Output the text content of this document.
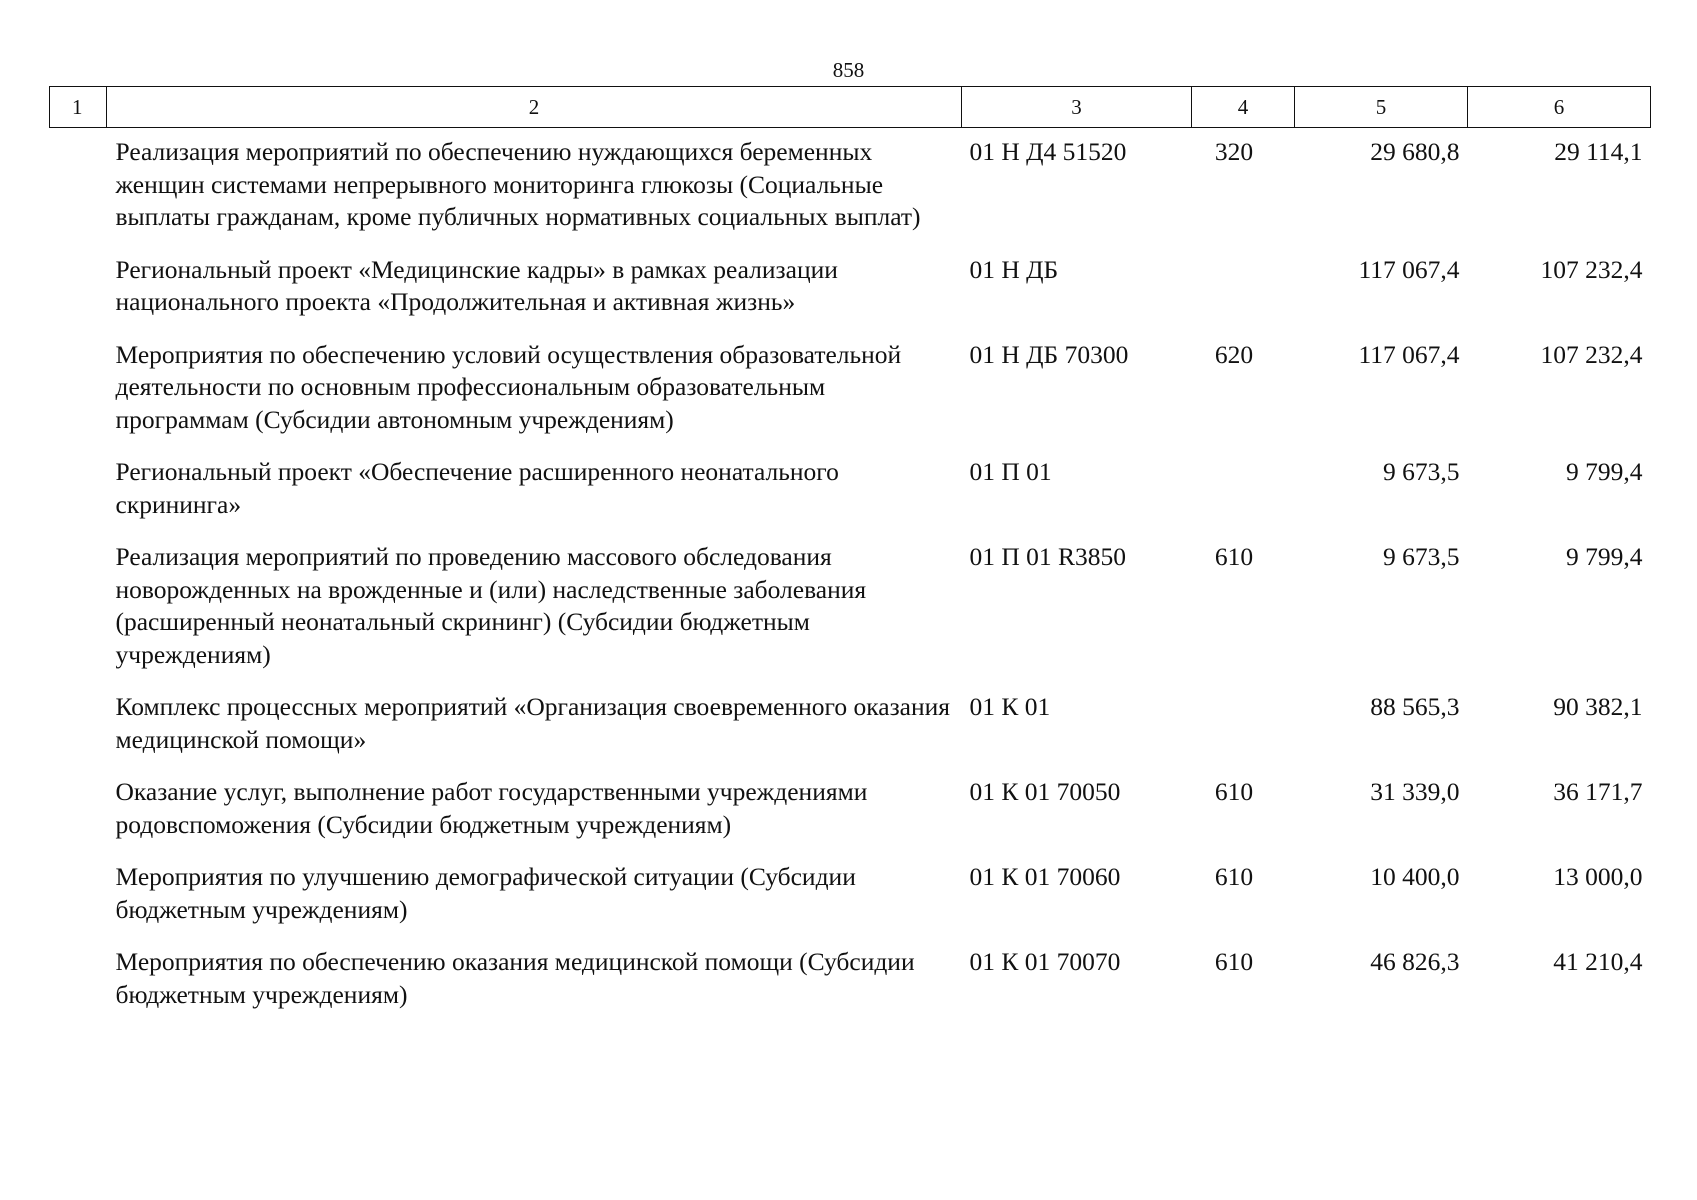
858
1	2	3	4	5	6
	Реализация мероприятий по обеспечению нуждающихся беременных женщин системами непрерывного мониторинга глюкозы (Социальные выплаты гражданам, кроме публичных нормативных социальных выплат)	01 Н Д4 51520	320	29 680,8	29 114,1
	Региональный проект «Медицинские кадры» в рамках реализации национального проекта «Продолжительная и активная жизнь»	01 Н ДБ		117 067,4	107 232,4
	Мероприятия по обеспечению условий осуществления образовательной деятельности по основным профессиональным образовательным программам (Субсидии автономным учреждениям)	01 Н ДБ 70300	620	117 067,4	107 232,4
	Региональный проект «Обеспечение расширенного неонатального скрининга»	01 П 01		9 673,5	9 799,4
	Реализация мероприятий по проведению массового обследования новорожденных на врожденные и (или) наследственные заболевания (расширенный неонатальный скрининг) (Субсидии бюджетным учреждениям)	01 П 01 R3850	610	9 673,5	9 799,4
	Комплекс процессных мероприятий «Организация своевременного оказания медицинской помощи»	01 К 01		88 565,3	90 382,1
	Оказание услуг, выполнение работ государственными учреждениями родовспоможения (Субсидии бюджетным учреждениям)	01 К 01 70050	610	31 339,0	36 171,7
	Мероприятия по улучшению демографической ситуации (Субсидии бюджетным учреждениям)	01 К 01 70060	610	10 400,0	13 000,0
	Мероприятия по обеспечению оказания медицинской помощи (Субсидии бюджетным учреждениям)	01 К 01 70070	610	46 826,3	41 210,4
